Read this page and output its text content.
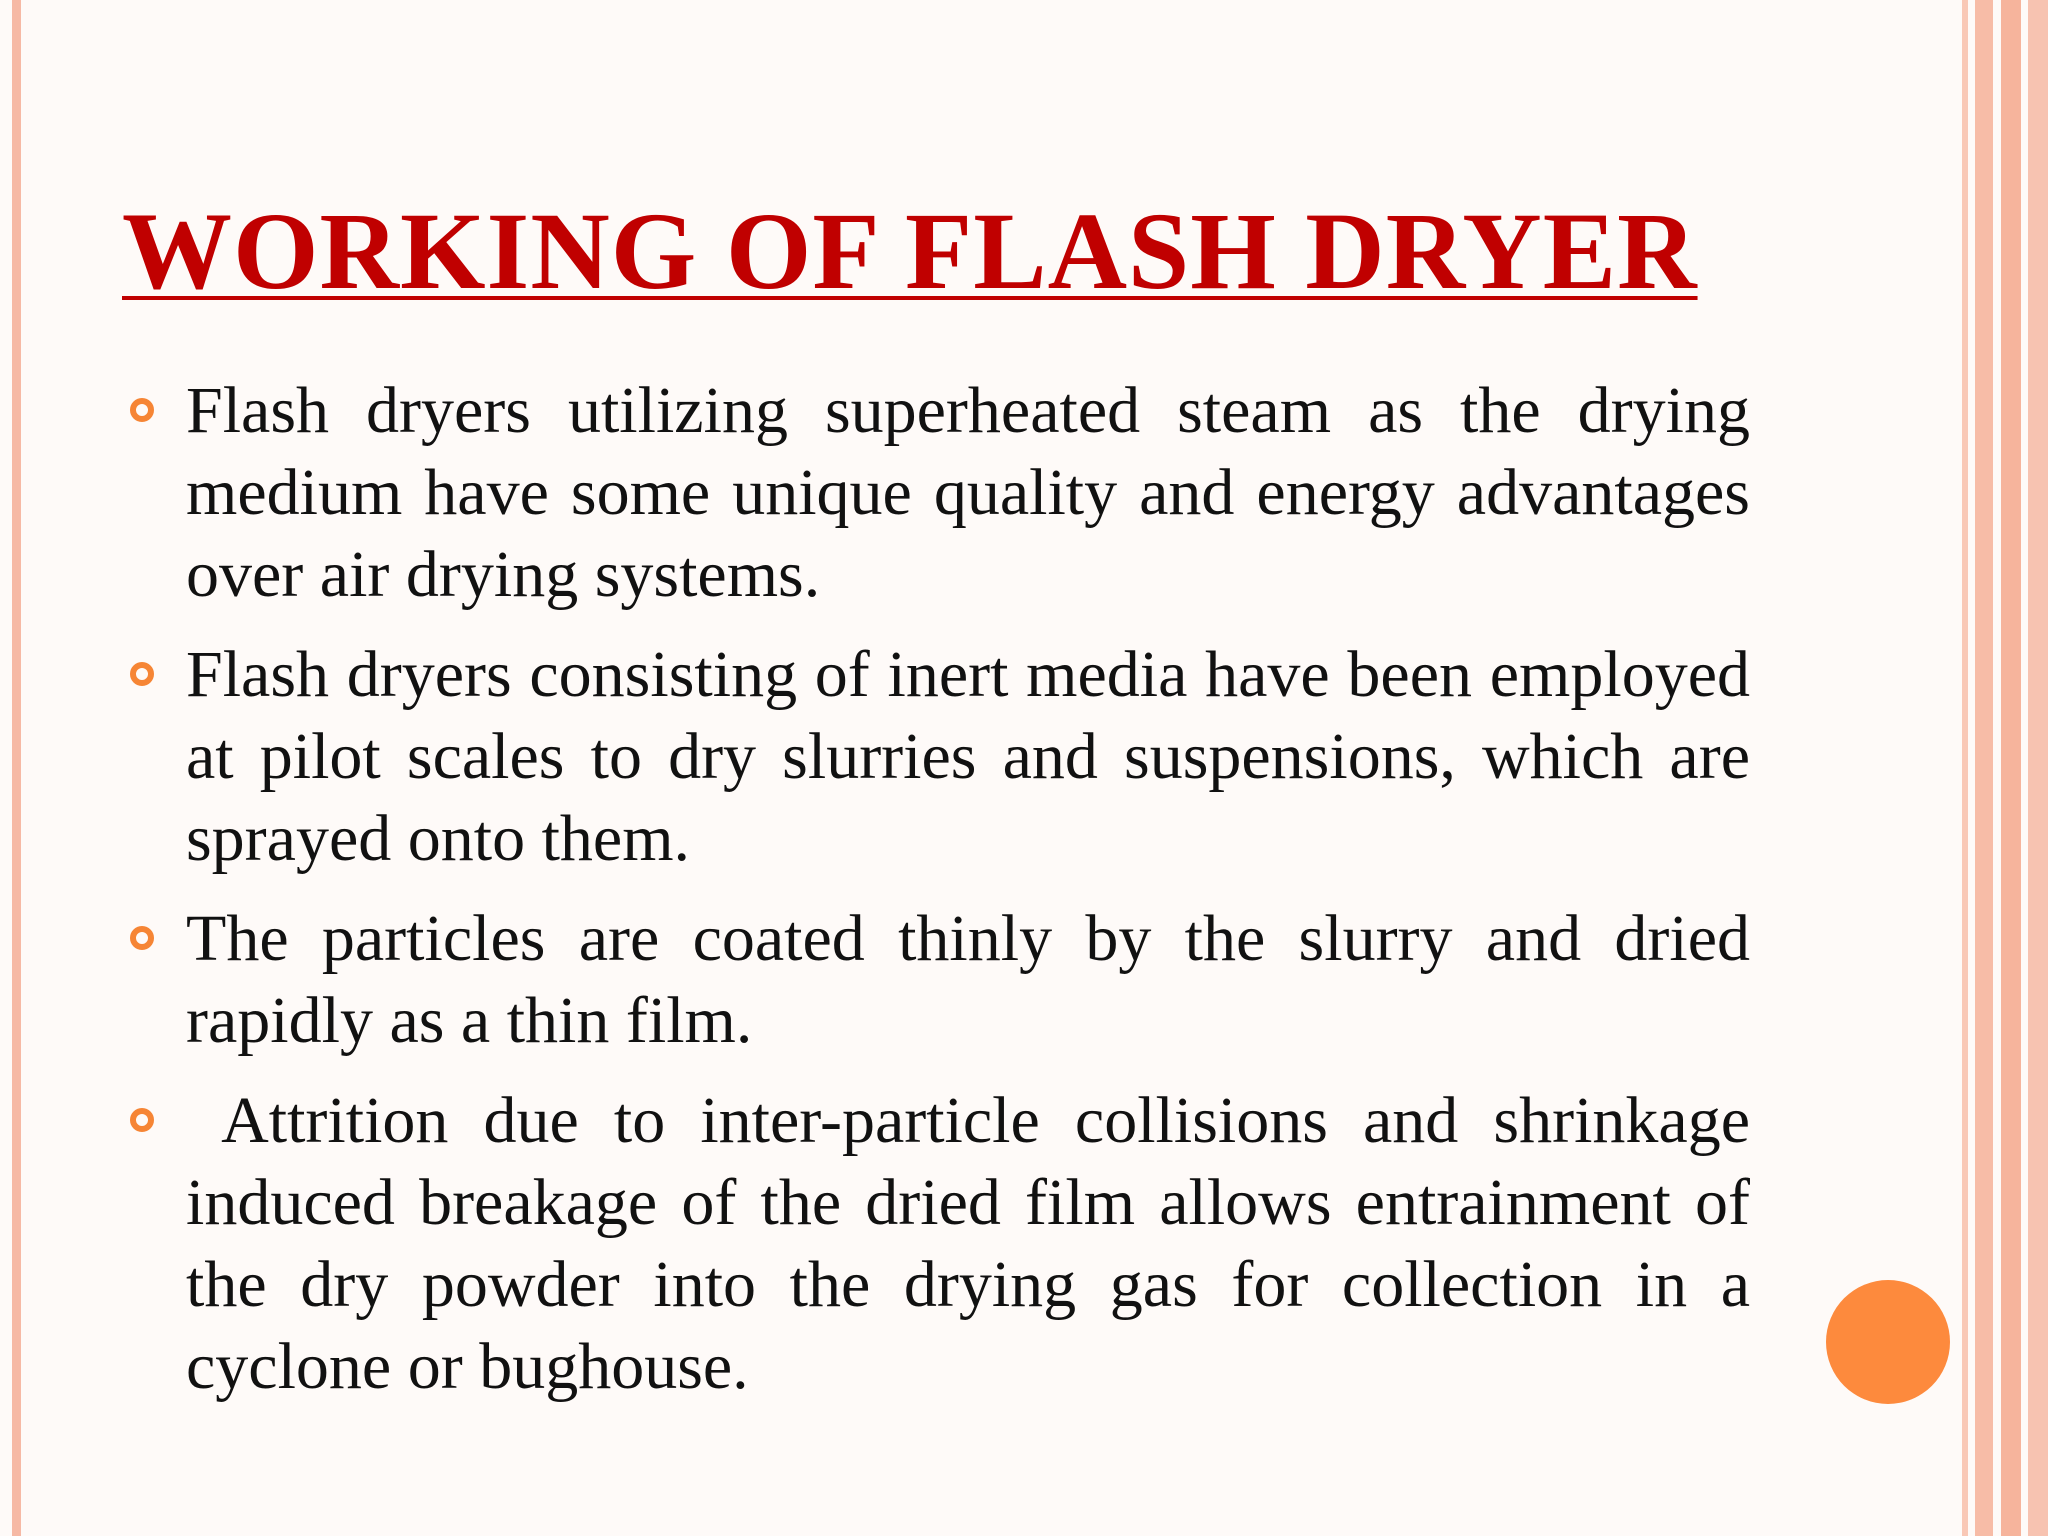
WORKING OF FLASH DRYER
Flash dryers utilizing superheated steam as the drying medium have some unique quality and energy advantages over air drying systems.
Flash dryers consisting of inert media have been employed at pilot scales to dry slurries and suspensions, which are sprayed onto them.
The particles are coated thinly by the slurry and dried rapidly as a thin film.
Attrition due to inter-particle collisions and shrinkage induced breakage of the dried film allows entrainment of the dry powder into the drying gas for collection in a cyclone or bughouse.
